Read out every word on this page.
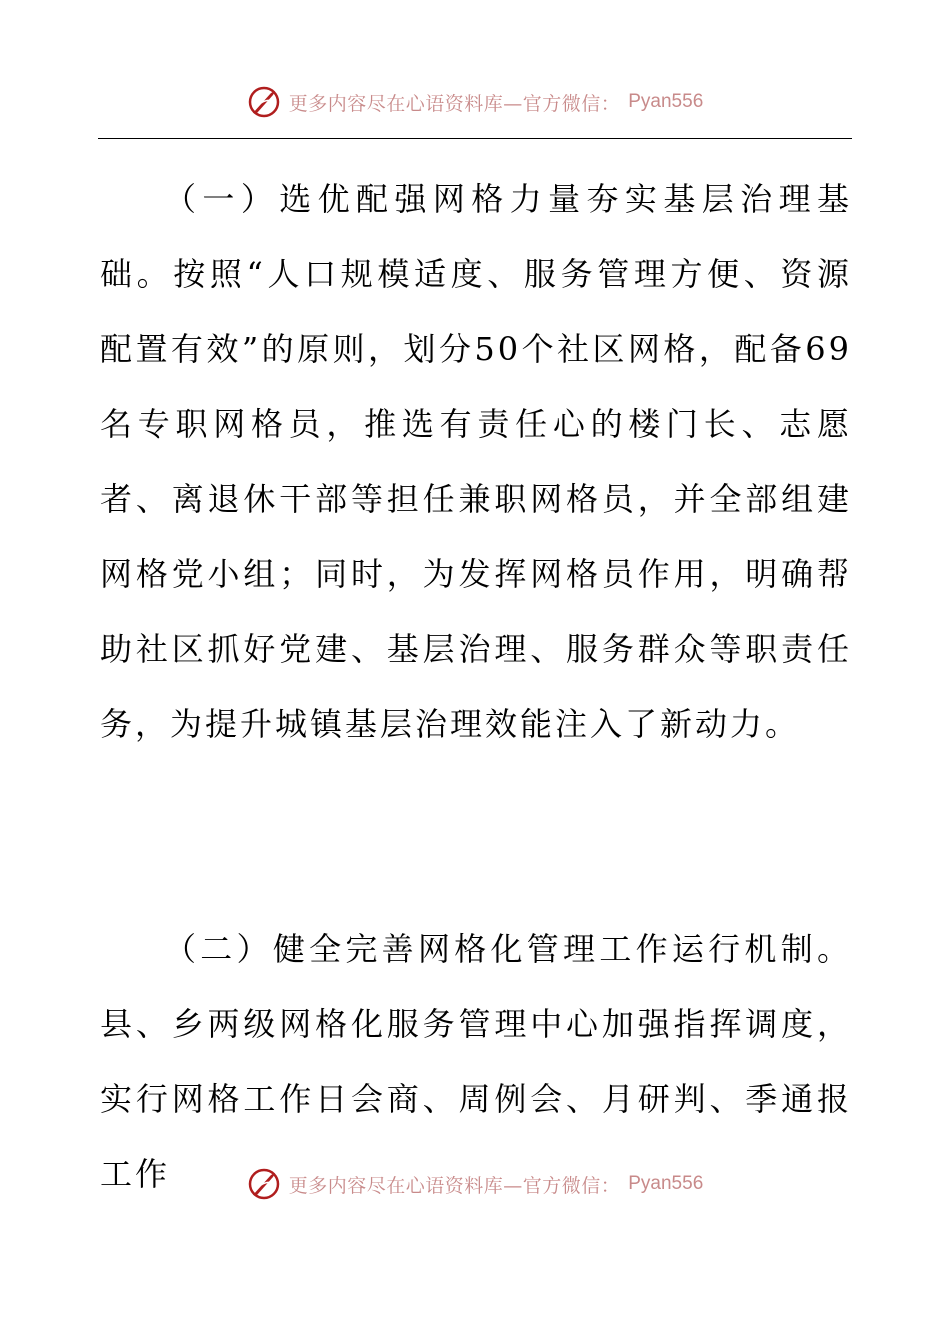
更多内容尽在心语资料库—官方微信： Pyan556

（一）选优配强网格力量夯实基层治理基础。按照“人口规模适度、服务管理方便、资源配置有效”的原则，划分50个社区网格，配备69名专职网格员，推选有责任心的楼门长、志愿者、离退休干部等担任兼职网格员，并全部组建网格党小组；同时，为发挥网格员作用，明确帮助社区抓好党建、基层治理、服务群众等职责任务，为提升城镇基层治理效能注入了新动力。

（二）健全完善网格化管理工作运行机制。县、乡两级网格化服务管理中心加强指挥调度，实行网格工作日会商、周例会、月研判、季通报工作	更多内容尽在心语资料库—官方微信： Pyan556
